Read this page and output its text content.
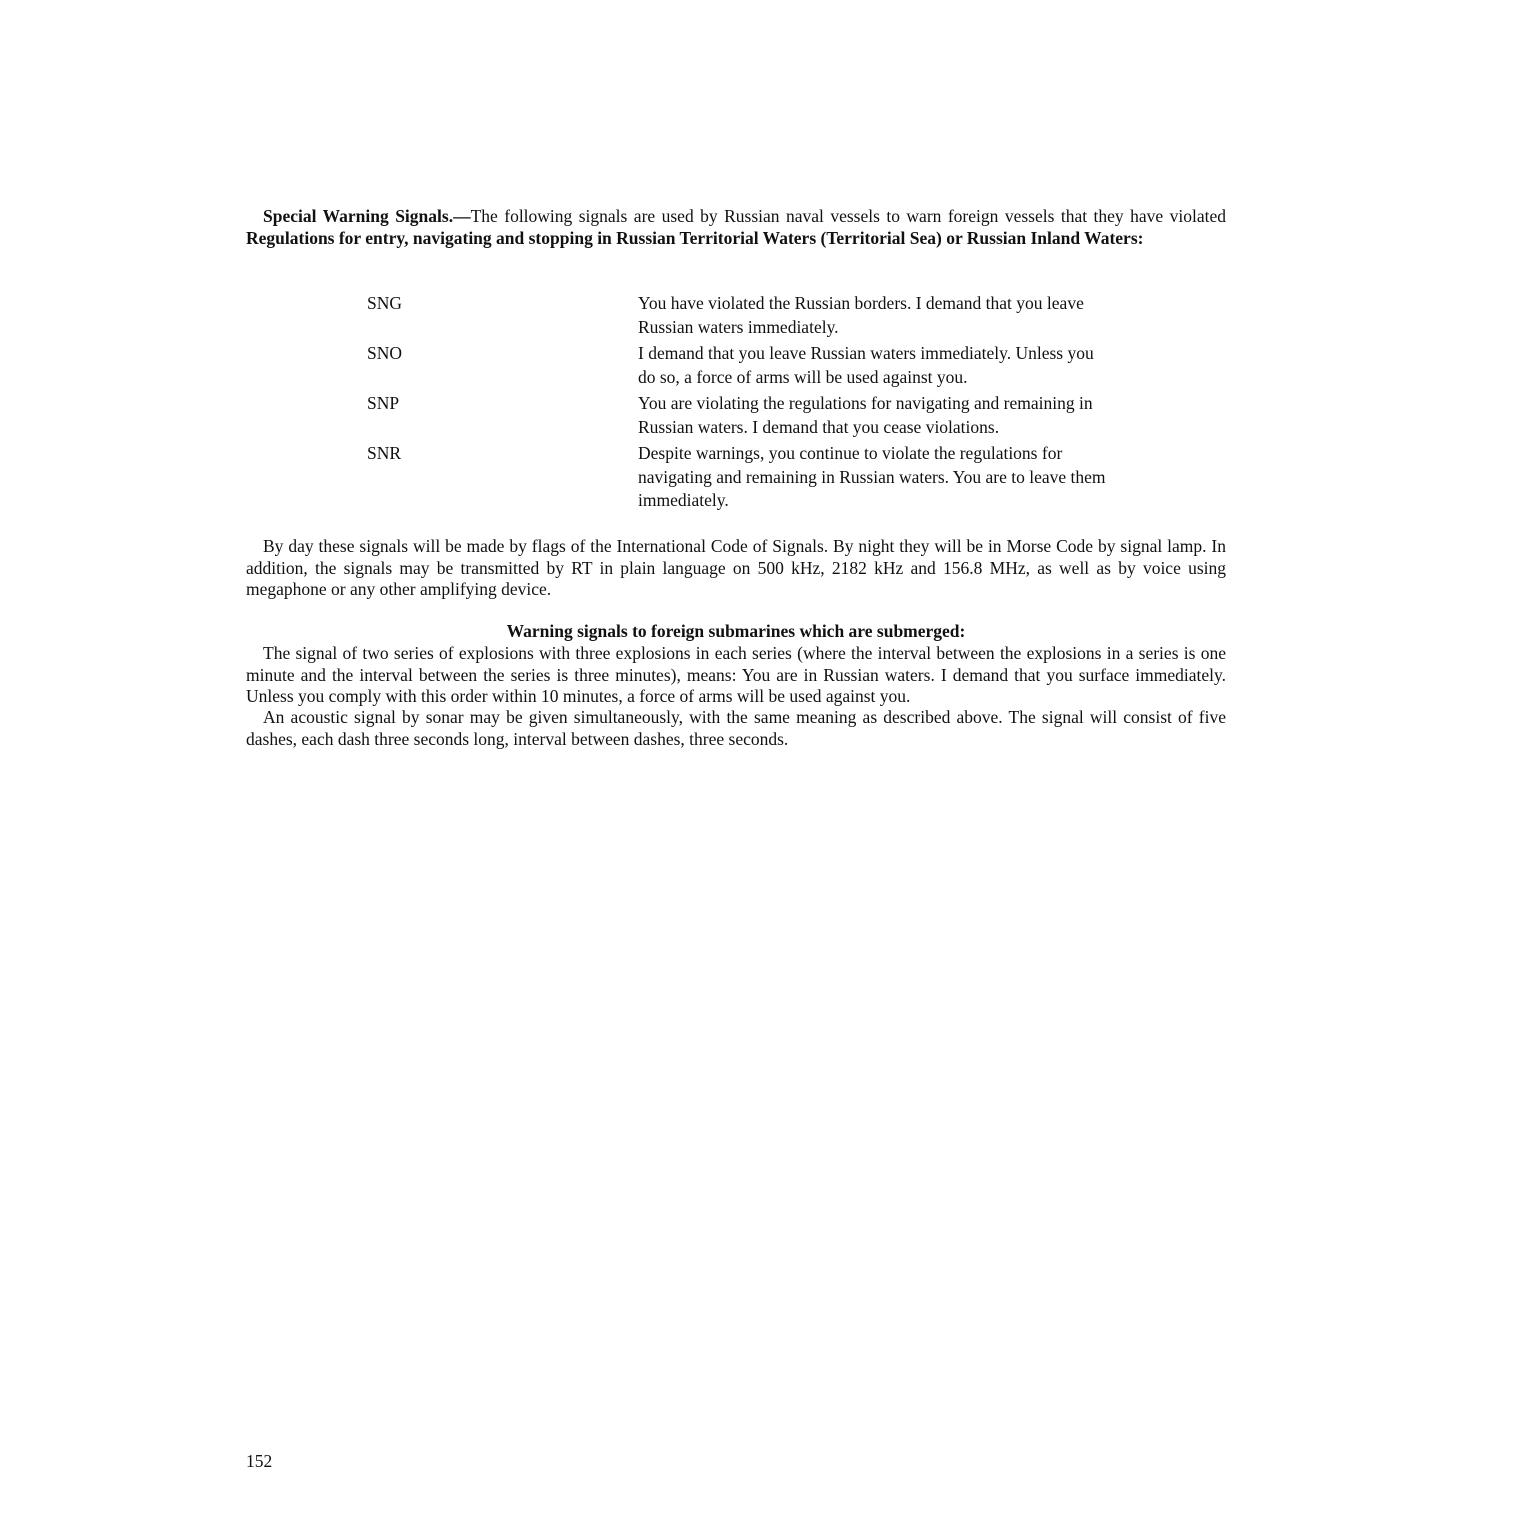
Special Warning Signals.—The following signals are used by Russian naval vessels to warn foreign vessels that they have violated Regulations for entry, navigating and stopping in Russian Territorial Waters (Territorial Sea) or Russian Inland Waters:

SNG	You have violated the Russian borders. I demand that you leave Russian waters immediately.
SNO	I demand that you leave Russian waters immediately. Unless you do so, a force of arms will be used against you.
SNP	You are violating the regulations for navigating and remaining in Russian waters. I demand that you cease violations.
SNR	Despite warnings, you continue to violate the regulations for navigating and remaining in Russian waters. You are to leave them immediately.

By day these signals will be made by flags of the International Code of Signals. By night they will be in Morse Code by signal lamp. In addition, the signals may be transmitted by RT in plain language on 500 kHz, 2182 kHz and 156.8 MHz, as well as by voice using megaphone or any other amplifying device.

Warning signals to foreign submarines which are submerged:

The signal of two series of explosions with three explosions in each series (where the interval between the explosions in a series is one minute and the interval between the series is three minutes), means: You are in Russian waters. I demand that you surface immediately. Unless you comply with this order within 10 minutes, a force of arms will be used against you.

An acoustic signal by sonar may be given simultaneously, with the same meaning as described above. The signal will consist of five dashes, each dash three seconds long, interval between dashes, three seconds.

152
